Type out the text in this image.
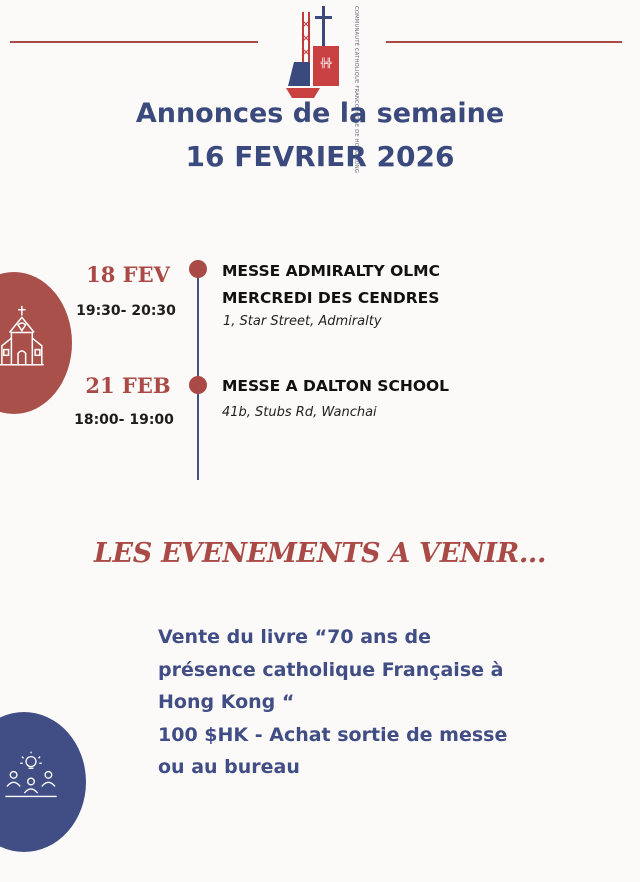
╬╬	COMMUNAUTÉ CATHOLIQUE FRANCOPHONE DE HONG KONG
Annonces de la semaine
16 FEVRIER 2026
18 FEV
19:30- 20:30
MESSE ADMIRALTY OLMC
MERCREDI DES CENDRES
1, Star Street, Admiralty
21 FEB
18:00- 19:00
MESSE A DALTON SCHOOL
41b, Stubs Rd, Wanchai
LES EVENEMENTS A VENIR...
Vente du livre “70 ans de
présence catholique Française à
Hong Kong “
100 $HK - Achat sortie de messe
ou au bureau
